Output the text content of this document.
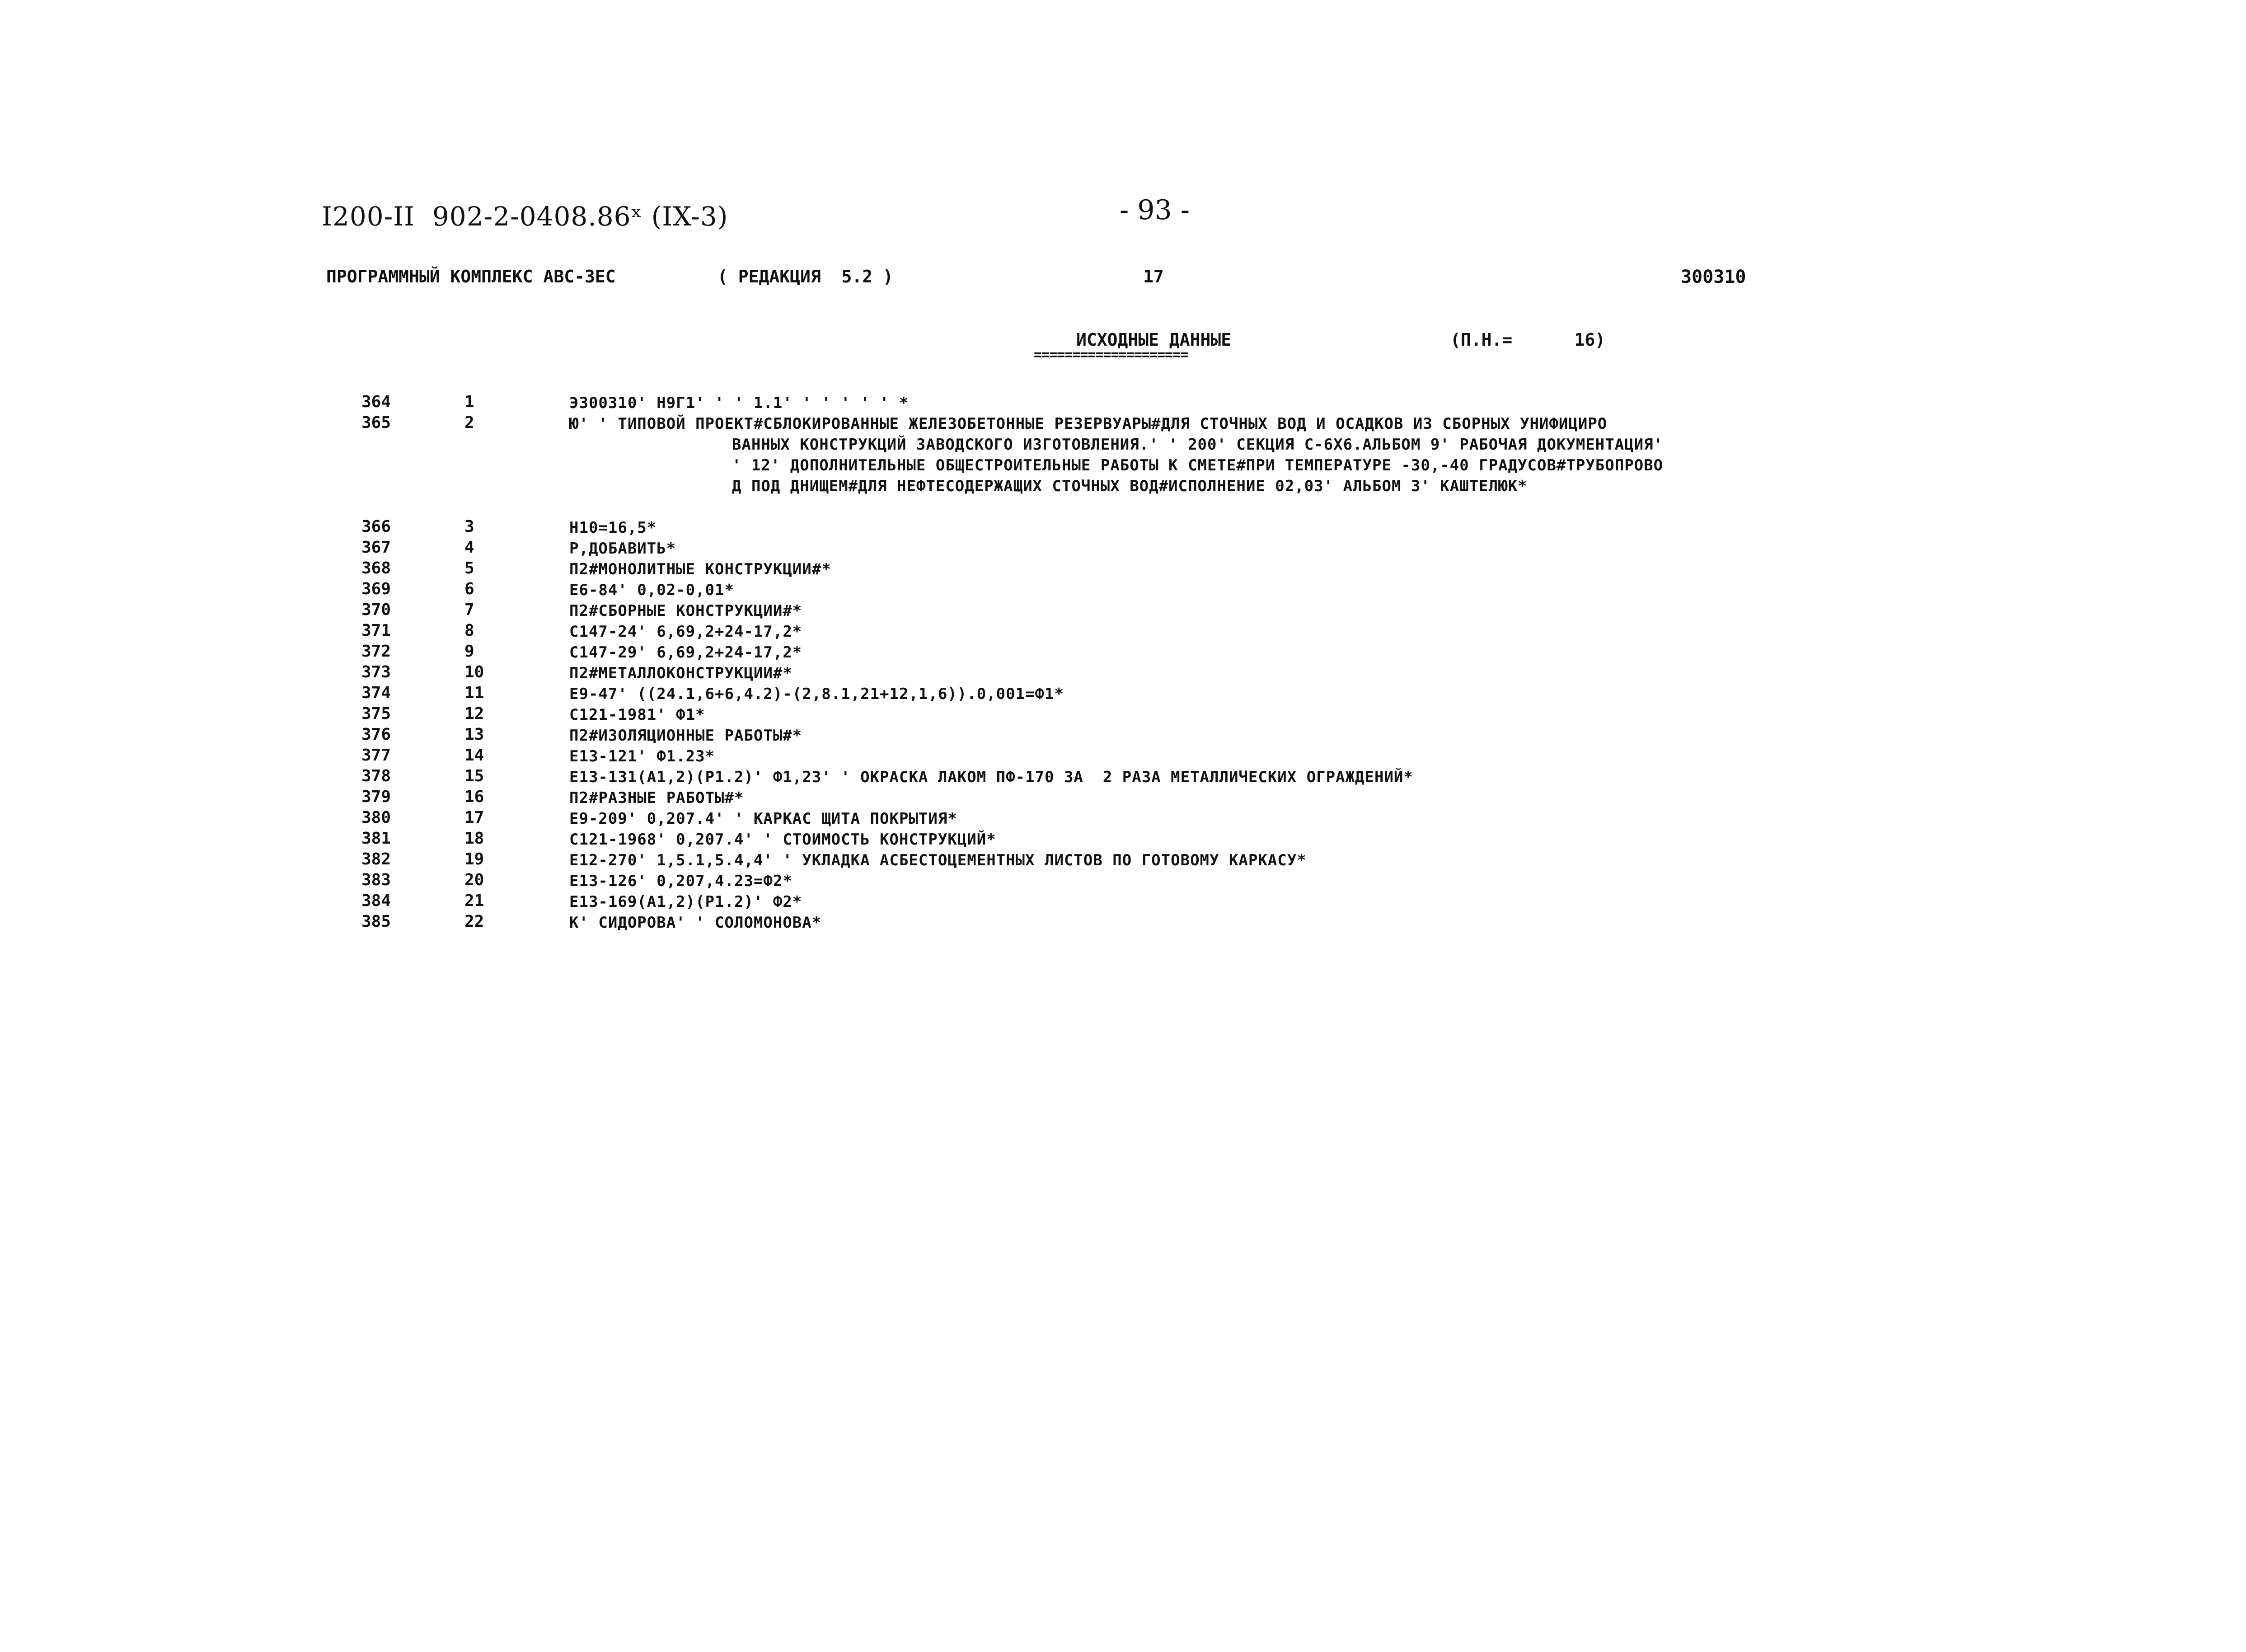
I200-II  902-2-0408.86ˣ (IX-3)	- 93 -
ПРОГРАММНЫЙ КОМПЛЕКС АВС-3ЕС	( РЕДАКЦИЯ  5.2 )	17	300310
ИСХОДНЫЕ ДАННЫЕ
====================
(П.Н.=      16)
364	1	Э300310' Н9Г1' ' ' 1.1' ' ' ' ' ' *
365	2	Ю' ' ТИПОВОЙ ПРОЕКТ#СБЛОКИРОВАННЫЕ ЖЕЛЕЗОБЕТОННЫЕ РЕЗЕРВУАРЫ#ДЛЯ СТОЧНЫХ ВОД И ОСАДКОВ ИЗ СБОРНЫХ УНИФИЦИРО
ВАННЫХ КОНСТРУКЦИЙ ЗАВОДСКОГО ИЗГОТОВЛЕНИЯ.' ' 200' СЕКЦИЯ С-6Х6.АЛЬБОМ 9' РАБОЧАЯ ДОКУМЕНТАЦИЯ'
' 12' ДОПОЛНИТЕЛЬНЫЕ ОБЩЕСТРОИТЕЛЬНЫЕ РАБОТЫ К СМЕТЕ#ПРИ ТЕМПЕРАТУРЕ -30,-40 ГРАДУСОВ#ТРУБОПРОВО
Д ПОД ДНИЩЕМ#ДЛЯ НЕФТЕСОДЕРЖАЩИХ СТОЧНЫХ ВОД#ИСПОЛНЕНИЕ 02,03' АЛЬБОМ 3' КАШТЕЛЮК*
366	3	Н10=16,5*
367	4	Р,ДОБАВИТЬ*
368	5	П2#МОНОЛИТНЫЕ КОНСТРУКЦИИ#*
369	6	Е6-84' 0,02-0,01*
370	7	П2#СБОРНЫЕ КОНСТРУКЦИИ#*
371	8	С147-24' 6,69,2+24-17,2*
372	9	С147-29' 6,69,2+24-17,2*
373	10	П2#МЕТАЛЛОКОНСТРУКЦИИ#*
374	11	Е9-47' ((24.1,6+6,4.2)-(2,8.1,21+12,1,6)).0,001=Ф1*
375	12	С121-1981' Ф1*
376	13	П2#ИЗОЛЯЦИОННЫЕ РАБОТЫ#*
377	14	Е13-121' Ф1.23*
378	15	Е13-131(А1,2)(Р1.2)' Ф1,23' ' ОКРАСКА ЛАКОМ ПФ-170 ЗА  2 РАЗА МЕТАЛЛИЧЕСКИХ ОГРАЖДЕНИЙ*
379	16	П2#РАЗНЫЕ РАБОТЫ#*
380	17	Е9-209' 0,207.4' ' КАРКАС ЩИТА ПОКРЫТИЯ*
381	18	С121-1968' 0,207.4' ' СТОИМОСТЬ КОНСТРУКЦИЙ*
382	19	Е12-270' 1,5.1,5.4,4' ' УКЛАДКА АСБЕСТОЦЕМЕНТНЫХ ЛИСТОВ ПО ГОТОВОМУ КАРКАСУ*
383	20	Е13-126' 0,207,4.23=Ф2*
384	21	Е13-169(А1,2)(Р1.2)' Ф2*
385	22	К' СИДОРОВА' ' СОЛОМОНОВА*
